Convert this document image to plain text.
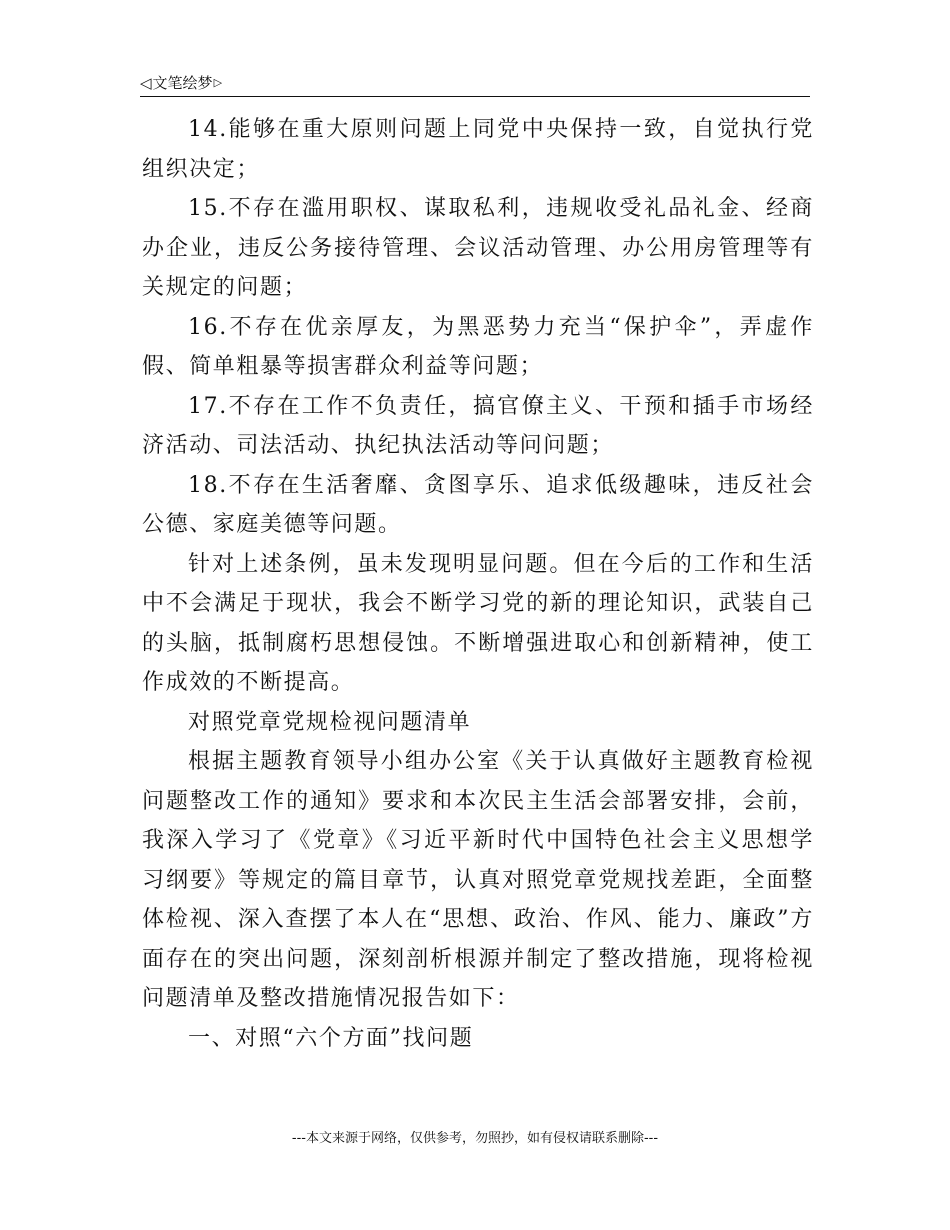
◁文笔绘梦▷

14.能够在重大原则问题上同党中央保持一致，自觉执行党组织决定；

15.不存在滥用职权、谋取私利，违规收受礼品礼金、经商办企业，违反公务接待管理、会议活动管理、办公用房管理等有关规定的问题；

16.不存在优亲厚友，为黑恶势力充当“保护伞”，弄虚作假、简单粗暴等损害群众利益等问题；

17.不存在工作不负责任，搞官僚主义、干预和插手市场经济活动、司法活动、执纪执法活动等问问题；

18.不存在生活奢靡、贪图享乐、追求低级趣味，违反社会公德、家庭美德等问题。

针对上述条例，虽未发现明显问题。但在今后的工作和生活中不会满足于现状，我会不断学习党的新的理论知识，武装自己的头脑，抵制腐朽思想侵蚀。不断增强进取心和创新精神，使工作成效的不断提高。

对照党章党规检视问题清单

根据主题教育领导小组办公室《关于认真做好主题教育检视问题整改工作的通知》要求和本次民主生活会部署安排，会前，我深入学习了《党章》《习近平新时代中国特色社会主义思想学习纲要》等规定的篇目章节，认真对照党章党规找差距，全面整体检视、深入查摆了本人在“思想、政治、作风、能力、廉政”方面存在的突出问题，深刻剖析根源并制定了整改措施，现将检视问题清单及整改措施情况报告如下：

一、对照“六个方面”找问题

---本文来源于网络，仅供参考，勿照抄，如有侵权请联系删除---
